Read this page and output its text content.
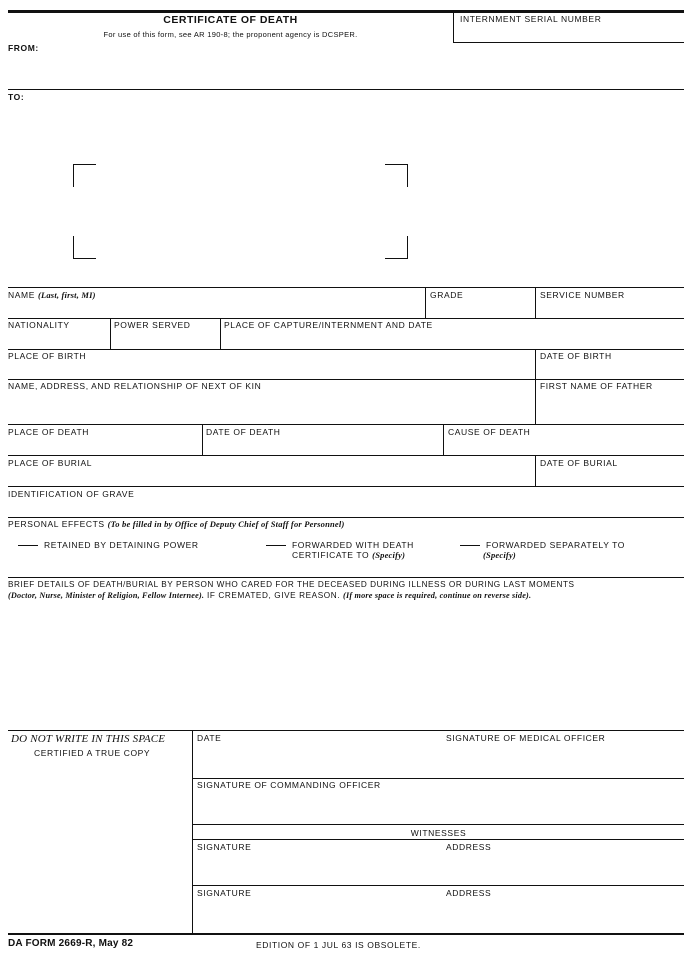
CERTIFICATE OF DEATH
For use of this form, see AR 190-8; the proponent agency is DCSPER.
INTERNMENT SERIAL NUMBER
FROM:
TO:
NAME (Last, first, MI)	GRADE	SERVICE NUMBER
NATIONALITY	POWER SERVED	PLACE OF CAPTURE/INTERNMENT AND DATE
PLACE OF BIRTH	DATE OF BIRTH
NAME, ADDRESS, AND RELATIONSHIP OF NEXT OF KIN	FIRST NAME OF FATHER
PLACE OF DEATH	DATE OF DEATH	CAUSE OF DEATH
PLACE OF BURIAL	DATE OF BURIAL
IDENTIFICATION OF GRAVE
PERSONAL EFFECTS (To be filled in by Office of Deputy Chief of Staff for Personnel)
RETAINED BY DETAINING POWER	FORWARDED WITH DEATH
CERTIFICATE TO (Specify)
FORWARDED SEPARATELY TO
(Specify)
BRIEF DETAILS OF DEATH/BURIAL BY PERSON WHO CARED FOR THE DECEASED DURING ILLNESS OR DURING LAST MOMENTS
(Doctor, Nurse, Minister of Religion, Fellow Internee). IF CREMATED, GIVE REASON. (If more space is required, continue on reverse side).
DO NOT WRITE IN THIS SPACE
CERTIFIED A TRUE COPY
DATE	SIGNATURE OF MEDICAL OFFICER
SIGNATURE OF COMMANDING OFFICER
WITNESSES
SIGNATURE	ADDRESS
SIGNATURE	ADDRESS
DA FORM 2669-R, May 82	EDITION OF 1 JUL 63 IS OBSOLETE.
